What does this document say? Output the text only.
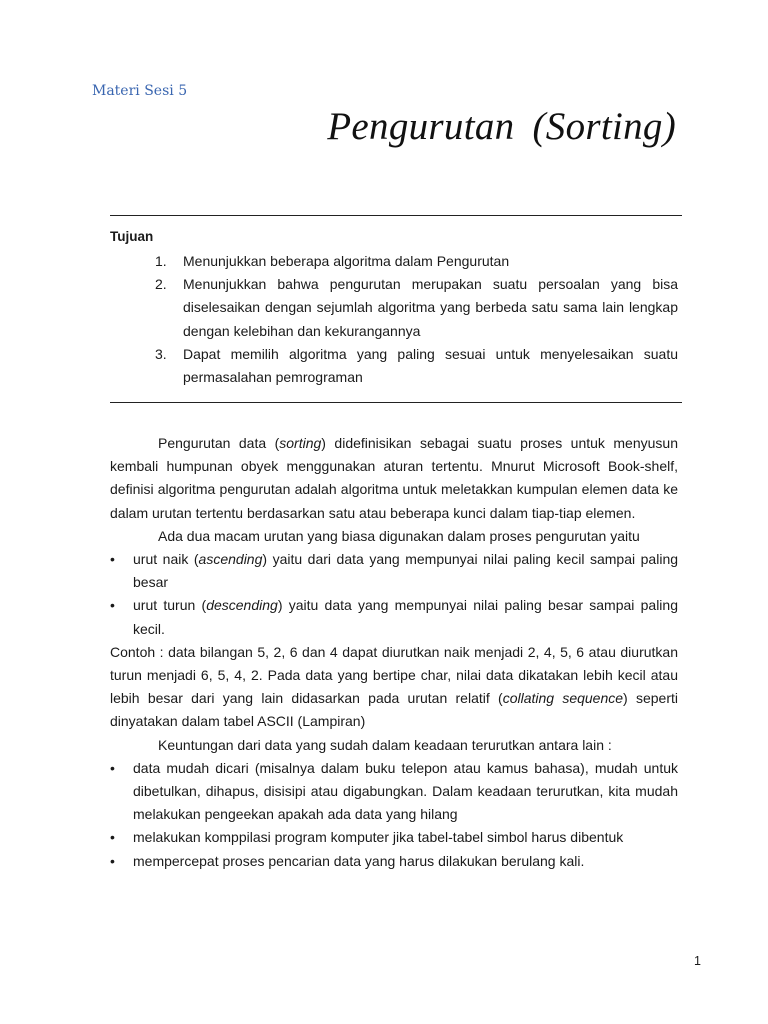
Materi Sesi 5
Pengurutan (Sorting)
Tujuan
1. Menunjukkan beberapa algoritma dalam Pengurutan
2. Menunjukkan bahwa pengurutan merupakan suatu persoalan yang bisa diselesaikan dengan sejumlah algoritma yang berbeda satu sama lain lengkap dengan kelebihan dan kekurangannya
3. Dapat memilih algoritma yang paling sesuai untuk menyelesaikan suatu permasalahan pemrograman

Pengurutan data (sorting) didefinisikan sebagai suatu proses untuk menyusun kembali humpunan obyek menggunakan aturan tertentu. Mnurut Microsoft Book-shelf, definisi algoritma pengurutan adalah algoritma untuk meletakkan kumpulan elemen data ke dalam urutan tertentu berdasarkan satu atau beberapa kunci dalam tiap-tiap elemen.

Ada dua macam urutan yang biasa digunakan dalam proses pengurutan yaitu

• urut naik (ascending) yaitu dari data yang mempunyai nilai paling kecil sampai paling besar
• urut turun (descending) yaitu data yang mempunyai nilai paling besar sampai paling kecil.

Contoh : data bilangan 5, 2, 6 dan 4 dapat diurutkan naik menjadi 2, 4, 5, 6 atau diurutkan turun menjadi 6, 5, 4, 2. Pada data yang bertipe char, nilai data dikatakan lebih kecil atau lebih besar dari yang lain didasarkan pada urutan relatif (collating sequence) seperti dinyatakan dalam tabel ASCII (Lampiran)

Keuntungan dari data yang sudah dalam keadaan terurutkan antara lain :

• data mudah dicari (misalnya dalam buku telepon atau kamus bahasa), mudah untuk dibetulkan, dihapus, disisipi atau digabungkan. Dalam keadaan terurutkan, kita mudah melakukan pengeekan apakah ada data yang hilang
• melakukan komppilasi program komputer jika tabel-tabel simbol harus dibentuk
• mempercepat proses pencarian data yang harus dilakukan berulang kali.
1
